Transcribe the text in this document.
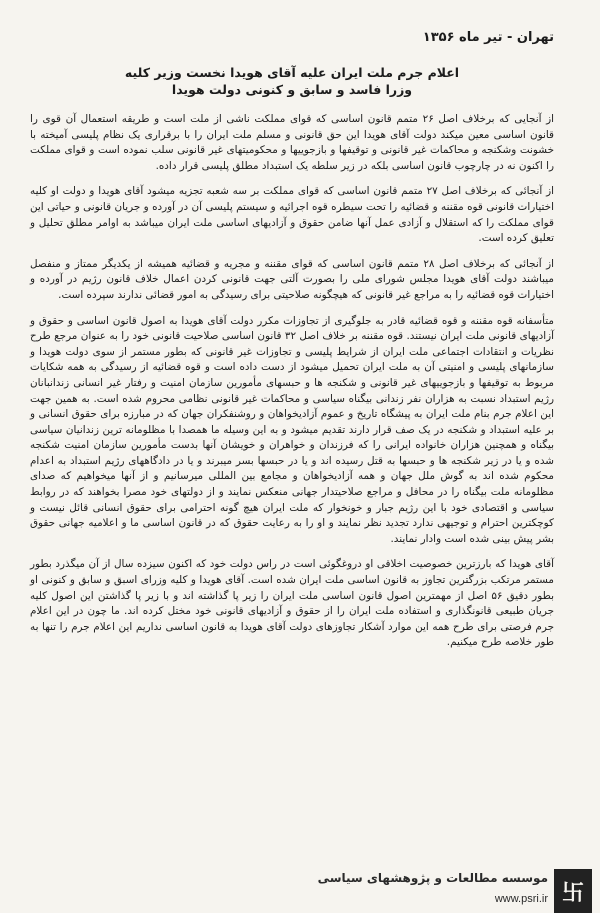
تهران - تیر ماه ۱۳۵۶
اعلام جرم ملت ایران علیه آقای هویدا نخست وزیر کلیه
وزرا فاسد و سابق و کنونی دولت هویدا

از آنجایی که برخلاف اصل ۲۶ متمم قانون اساسی که قوای مملکت ناشی از ملت است و طریقه استعمال آن قوی را قانون اساسی معین میکند دولت آقای هویدا این حق قانونی و مسلم ملت ایران را با برقراری یک نظام پلیسی آمیخته با خشونت وشکنجه و محاکمات غیر قانونی و توقیفها و بازجوییها و محکومیتهای غیر قانونی سلب نموده است و قوای مملکت را اکنون نه در چارچوب قانون اساسی بلکه در زیر سلطه یک استبداد مطلق پلیسی قرار داده.

از آنجائی که برخلاف اصل ۲۷ متمم قانون اساسی که قوای مملکت بر سه شعبه تجزیه میشود آقای هویدا و دولت او کلیه اختیارات قانونی قوه مقننه و قضائیه را تحت سیطره قوه اجرائیه و سیستم پلیسی آن در آورده و جریان قانونی و حیاتی این قوای مملکت را که استقلال و آزادی عمل آنها ضامن حقوق و آزادیهای اساسی ملت ایران میباشد به اوامر مطلق تحلیل و تعلیق کرده است.

از آنجائی که برخلاف اصل ۲۸ متمم قانون اساسی که قوای مقننه و مجریه و قضائیه همیشه از یکدیگر ممتاز و منفصل میباشند دولت آقای هویدا مجلس شورای ملی را بصورت آلتی جهت قانونی کردن اعمال خلاف قانون رژیم در آورده و اختیارات قوه قضائیه را به مراجع غیر قانونی که هیچگونه صلاحیتی برای رسیدگی به امور قضائی ندارند سپرده است.

متأسفانه قوه مقننه و قوه قضائیه قادر به جلوگیری از تجاوزات مکرر دولت آقای هویدا به اصول قانون اساسی و حقوق و آزادیهای قانونی ملت ایران نیستند. قوه مقننه بر خلاف اصل ۳۲ قانون اساسی صلاحیت قانونی خود را به عنوان مرجع طرح نظریات و انتقادات اجتماعی ملت ایران از شرایط پلیسی و تجاوزات غیر قانونی که بطور مستمر از سوی دولت هویدا و سازمانهای پلیسی و امنیتی آن به ملت ایران تحمیل میشود از دست داده است و قوه قضائیه از رسیدگی به همه شکایات مربوط به توقیفها و بازجوییهای غیر قانونی و شکنجه ها و حبسهای مأمورین سازمان امنیت و رفتار غیر انسانی زندانبانان رژیم استبداد نسبت به هزاران نفر زندانی بیگناه سیاسی و محاکمات غیر قانونی نظامی محروم شده است. به همین جهت این اعلام جرم بنام ملت ایران به پیشگاه تاریخ و عموم آزادیخواهان و روشنفکران جهان که در مبارزه برای حقوق انسانی و بر علیه استبداد و شکنجه در یک صف قرار دارند تقدیم میشود و به این وسیله ما همصدا با مظلومانه ترین زندانیان سیاسی بیگناه و همچنین هزاران خانواده ایرانی را که فرزندان و خواهران و خویشان آنها بدست مأمورین سازمان امنیت شکنجه شده و یا در زیر شکنجه ها و حبسها به قتل رسیده اند و یا در حبسها بسر میبرند و یا در دادگاههای رژیم استبداد به اعدام محکوم شده اند به گوش ملل جهان و همه آزادیخواهان و مجامع بین المللی میرسانیم و از آنها میخواهیم که صدای مظلومانه ملت بیگناه را در محافل و مراجع صلاحیتدار جهانی منعکس نمایند و از دولتهای خود مصرا بخواهند که در روابط سیاسی و اقتصادی خود با این رژیم جبار و خونخوار که ملت ایران هیچ گونه احترامی برای حقوق انسانی قائل نیست و کوچکترین احترام و توجیهی ندارد تجدید نظر نمایند و او را به رعایت حقوق که در قانون اساسی ما و اعلامیه جهانی حقوق بشر پیش بینی شده است وادار نمایند.

آقای هویدا که بارزترین خصوصیت اخلاقی او دروغگوئی است در راس دولت خود که اکنون سیزده سال از آن میگذرد بطور مستمر مرتکب بزرگترین تجاوز به قانون اساسی ملت ایران شده است. آقای هویدا و کلیه وزرای اسبق و سابق و کنونی او بطور دقیق ۵۶ اصل از مهمترین اصول قانون اساسی ملت ایران را زیر پا گذاشته اند و با زیر پا گذاشتن این اصول کلیه جریان طبیعی قانونگذاری و استفاده ملت ایران را از حقوق و آزادیهای قانونی خود مختل کرده اند. ما چون در این اعلام جرم فرصتی برای طرح همه این موارد آشکار تجاوزهای دولت آقای هویدا به قانون اساسی نداریم این اعلام جرم را تنها به طور خلاصه طرح میکنیم.

卐
موسسه مطالعات و پژوهشهای سیاسی
www.psri.ir
